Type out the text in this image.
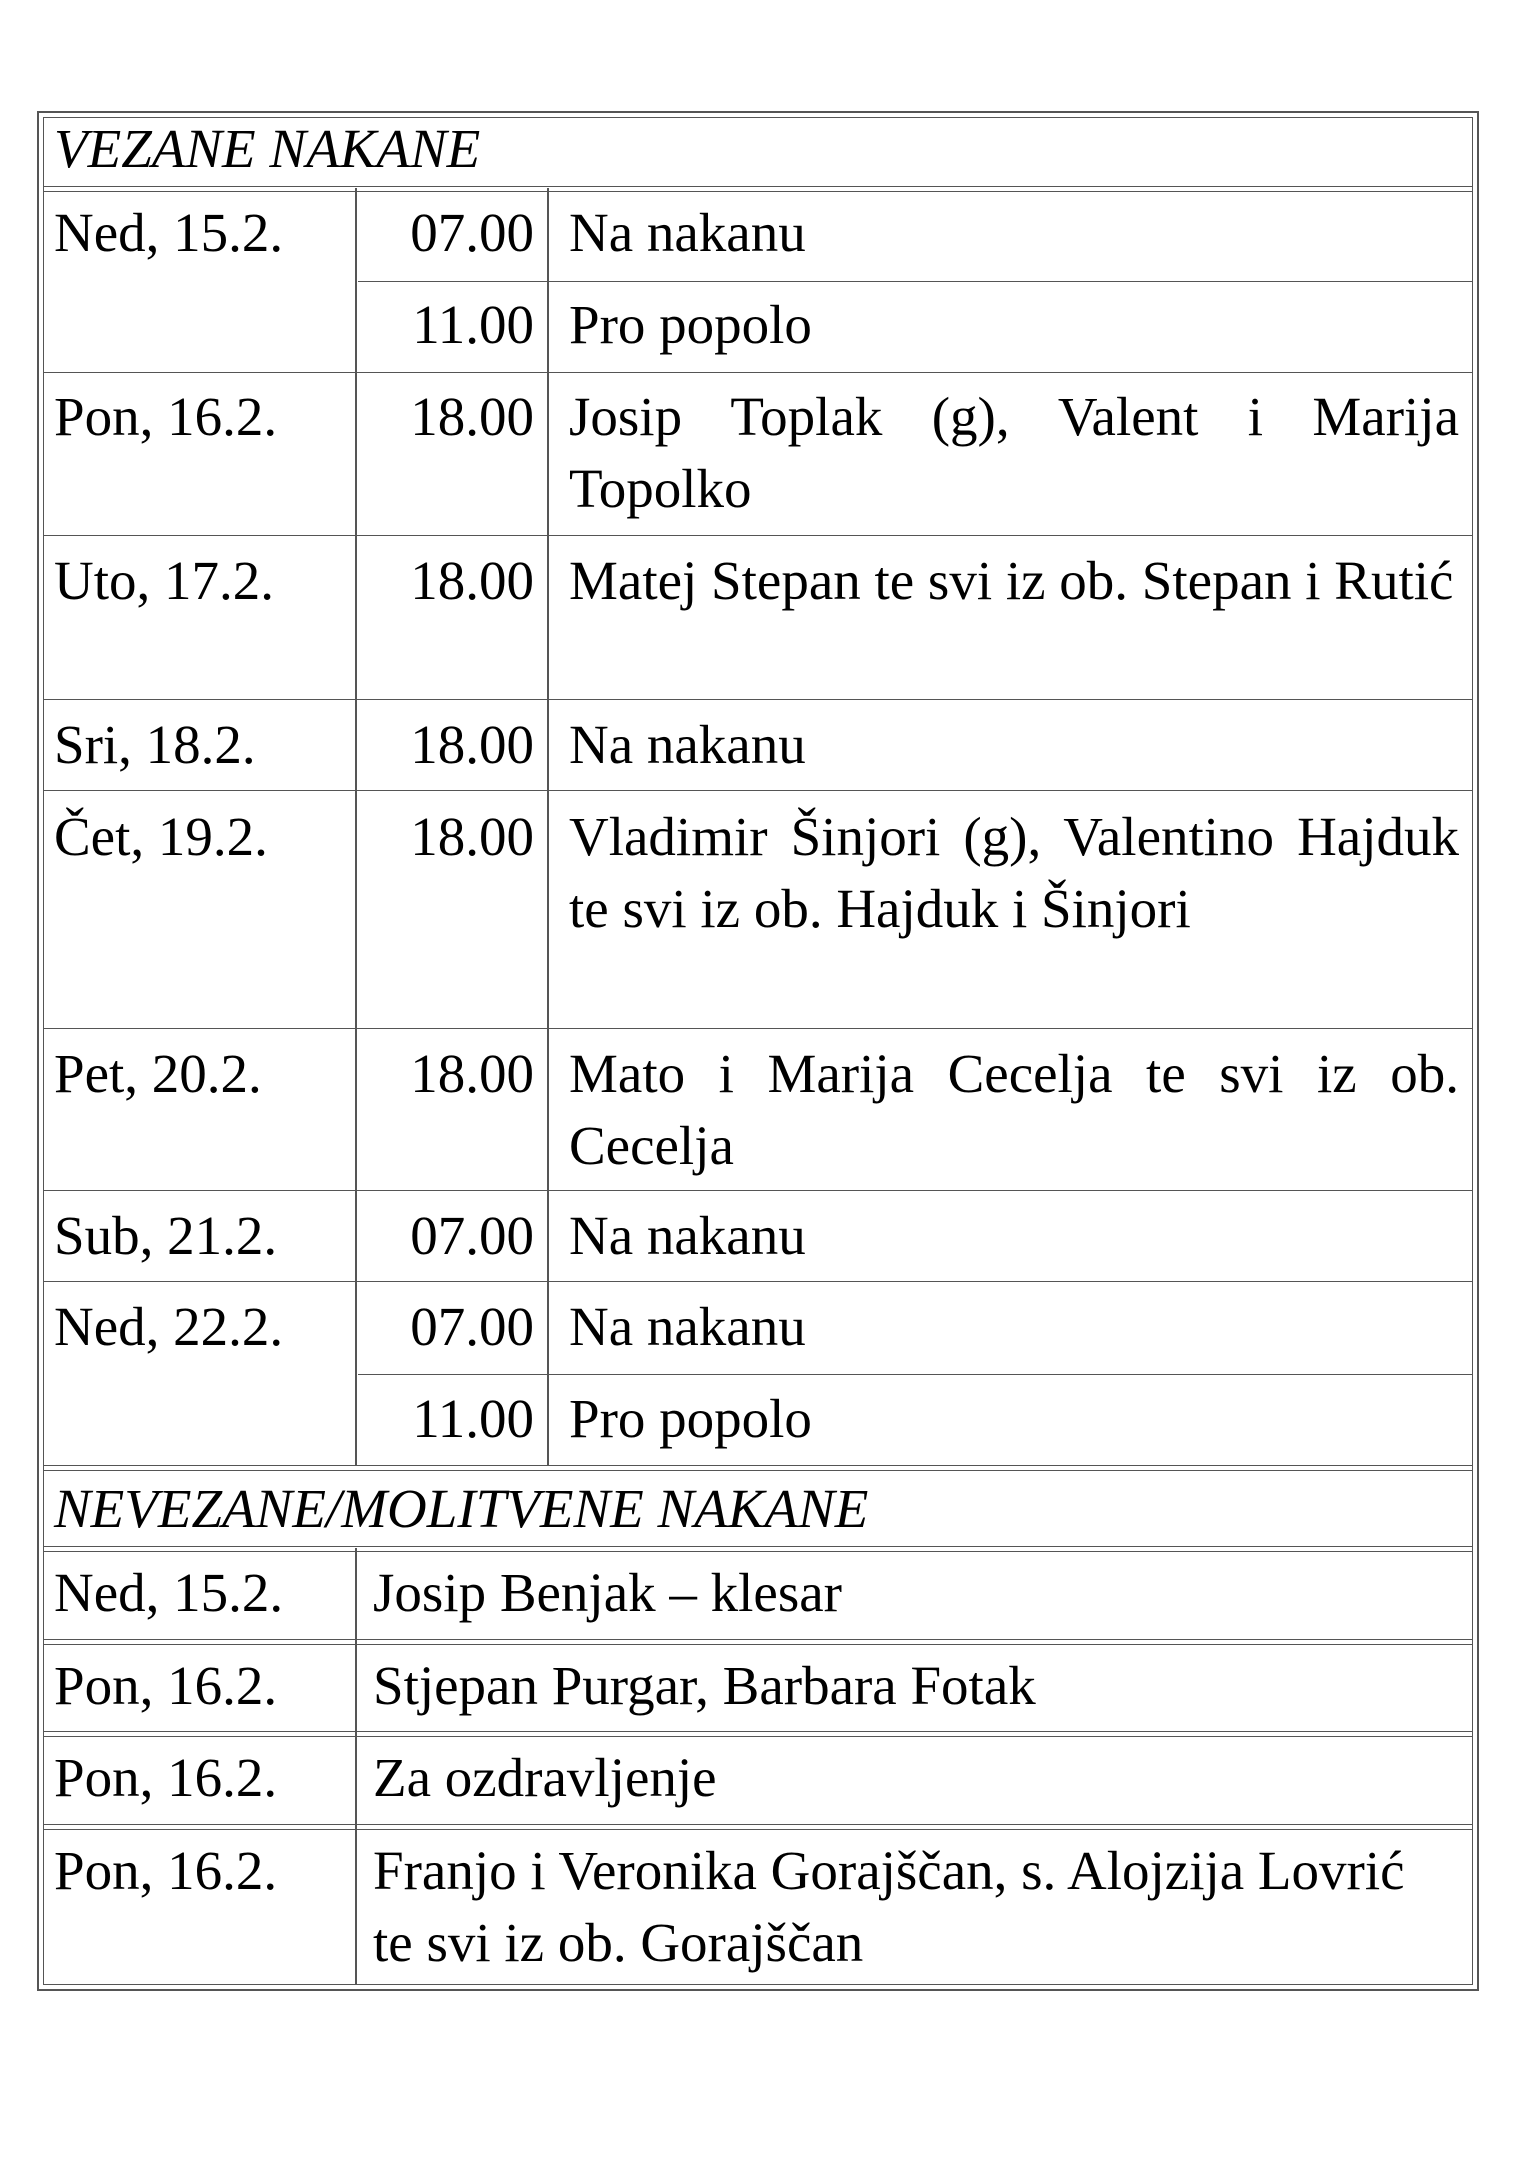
VEZANE NAKANE
Ned, 15.2.	07.00 Na nakanu
11.00 Pro popolo
Pon, 16.2.	18.00 Josip Toplak (g), Valent i Marija Topolko
Uto, 17.2.	18.00 Matej Stepan te svi iz ob. Stepan i Rutić
Sri, 18.2.	18.00 Na nakanu
Čet, 19.2.	18.00 Vladimir Šinjori (g), Valentino Hajduk te svi iz ob. Hajduk i Šinjori
Pet, 20.2.	18.00 Mato i Marija Cecelja te svi iz ob. Cecelja
Sub, 21.2.	07.00 Na nakanu
Ned, 22.2.	07.00 Na nakanu
11.00 Pro popolo
NEVEZANE/MOLITVENE NAKANE
Ned, 15.2. Josip Benjak – klesar
Pon, 16.2. Stjepan Purgar, Barbara Fotak
Pon, 16.2. Za ozdravljenje
Pon, 16.2. Franjo i Veronika Gorajščan, s. Alojzija Lovrić te svi iz ob. Gorajščan
